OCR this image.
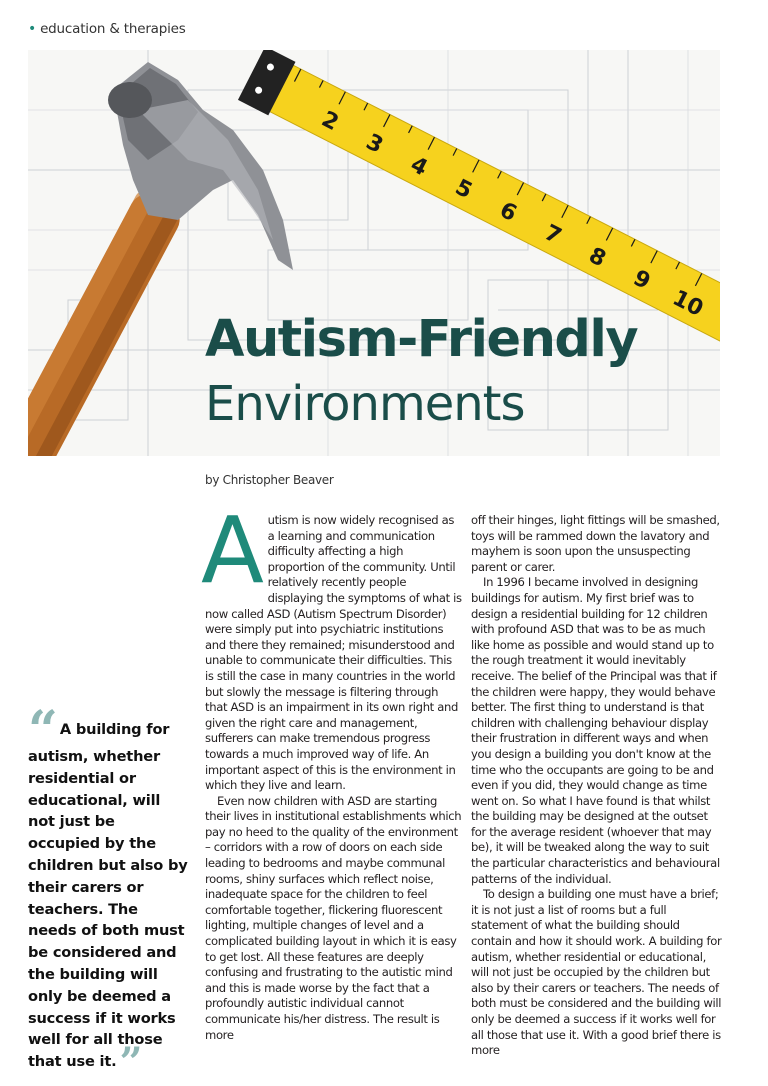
• education & therapies
2
3
4
5
6
7
8
9
10
Autism-Friendly
Environments
by Christopher Beaver
A utism is now widely recognised as a learning and communication difficulty affecting a high proportion of the community. Until relatively recently people displaying the symptoms of what is now called ASD (Autism Spectrum Disorder) were simply put into psychiatric institutions and there they remained; misunderstood and unable to communicate their difficulties. This is still the case in many countries in the world but slowly the message is filtering through that ASD is an impairment in its own right and given the right care and management, sufferers can make tremendous progress towards a much improved way of life. An important aspect of this is the environment in which they live and learn.

Even now children with ASD are starting their lives in institutional establishments which pay no heed to the quality of the environment – corridors with a row of doors on each side leading to bedrooms and maybe communal rooms, shiny surfaces which reflect noise, inadequate space for the children to feel comfortable together, flickering fluorescent lighting, multiple changes of level and a complicated building layout in which it is easy to get lost. All these features are deeply confusing and frustrating to the autistic mind and this is made worse by the fact that a profoundly autistic individual cannot communicate his/her distress. The result is more

off their hinges, light fittings will be smashed, toys will be rammed down the lavatory and mayhem is soon upon the unsuspecting parent or carer.

In 1996 I became involved in designing buildings for autism. My first brief was to design a residential building for 12 children with profound ASD that was to be as much like home as possible and would stand up to the rough treatment it would inevitably receive. The belief of the Principal was that if the children were happy, they would behave better. The first thing to understand is that children with challenging behaviour display their frustration in different ways and when you design a building you don't know at the time who the occupants are going to be and even if you did, they would change as time went on. So what I have found is that whilst the building may be designed at the outset for the average resident (whoever that may be), it will be tweaked along the way to suit the particular characteristics and behavioural patterns of the individual.

To design a building one must have a brief; it is not just a list of rooms but a full statement of what the building should contain and how it should work. A building for autism, whether residential or educational, will not just be occupied by the children but also by their carers or teachers. The needs of both must be considered and the building will only be deemed a success if it works well for all those that use it. With a good brief there is more

“ A building for autism, whether residential or educational, will not just be occupied by the children but also by their carers or teachers. The needs of both must be considered and the building will only be deemed a success if it works well for all those that use it.”
